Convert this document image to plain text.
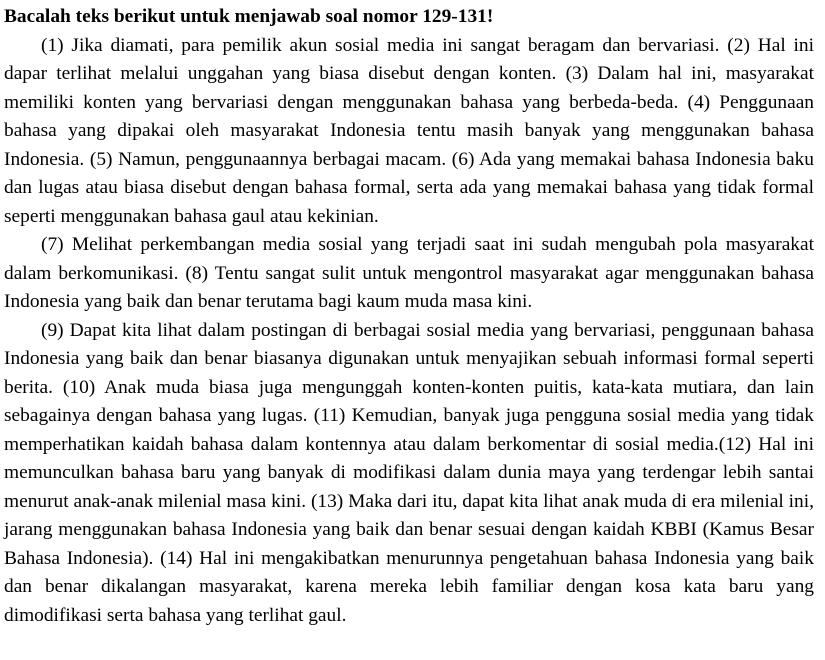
Bacalah teks berikut untuk menjawab soal nomor 129-131!

(1) Jika diamati, para pemilik akun sosial media ini sangat beragam dan bervariasi. (2) Hal ini dapar terlihat melalui unggahan yang biasa disebut dengan konten. (3) Dalam hal ini, masyarakat memiliki konten yang bervariasi dengan menggunakan bahasa yang berbeda-beda. (4) Penggunaan bahasa yang dipakai oleh masyarakat Indonesia tentu masih banyak yang menggunakan bahasa Indonesia. (5) Namun, penggunaannya berbagai macam. (6) Ada yang memakai bahasa Indonesia baku dan lugas atau biasa disebut dengan bahasa formal, serta ada yang memakai bahasa yang tidak formal seperti menggunakan bahasa gaul atau kekinian.

(7) Melihat perkembangan media sosial yang terjadi saat ini sudah mengubah pola masyarakat dalam berkomunikasi. (8) Tentu sangat sulit untuk mengontrol masyarakat agar menggunakan bahasa Indonesia yang baik dan benar terutama bagi kaum muda masa kini.

(9) Dapat kita lihat dalam postingan di berbagai sosial media yang bervariasi, penggunaan bahasa Indonesia yang baik dan benar biasanya digunakan untuk menyajikan sebuah informasi formal seperti berita. (10) Anak muda biasa juga mengunggah konten-konten puitis, kata-kata mutiara, dan lain sebagainya dengan bahasa yang lugas. (11) Kemudian, banyak juga pengguna sosial media yang tidak memperhatikan kaidah bahasa dalam kontennya atau dalam berkomentar di sosial media.(12) Hal ini memunculkan bahasa baru yang banyak di modifikasi dalam dunia maya yang terdengar lebih santai menurut anak-anak milenial masa kini. (13) Maka dari itu, dapat kita lihat anak muda di era milenial ini, jarang menggunakan bahasa Indonesia yang baik dan benar sesuai dengan kaidah KBBI (Kamus Besar Bahasa Indonesia). (14) Hal ini mengakibatkan menurunnya pengetahuan bahasa Indonesia yang baik dan benar dikalangan masyarakat, karena mereka lebih familiar dengan kosa kata baru yang dimodifikasi serta bahasa yang terlihat gaul.
